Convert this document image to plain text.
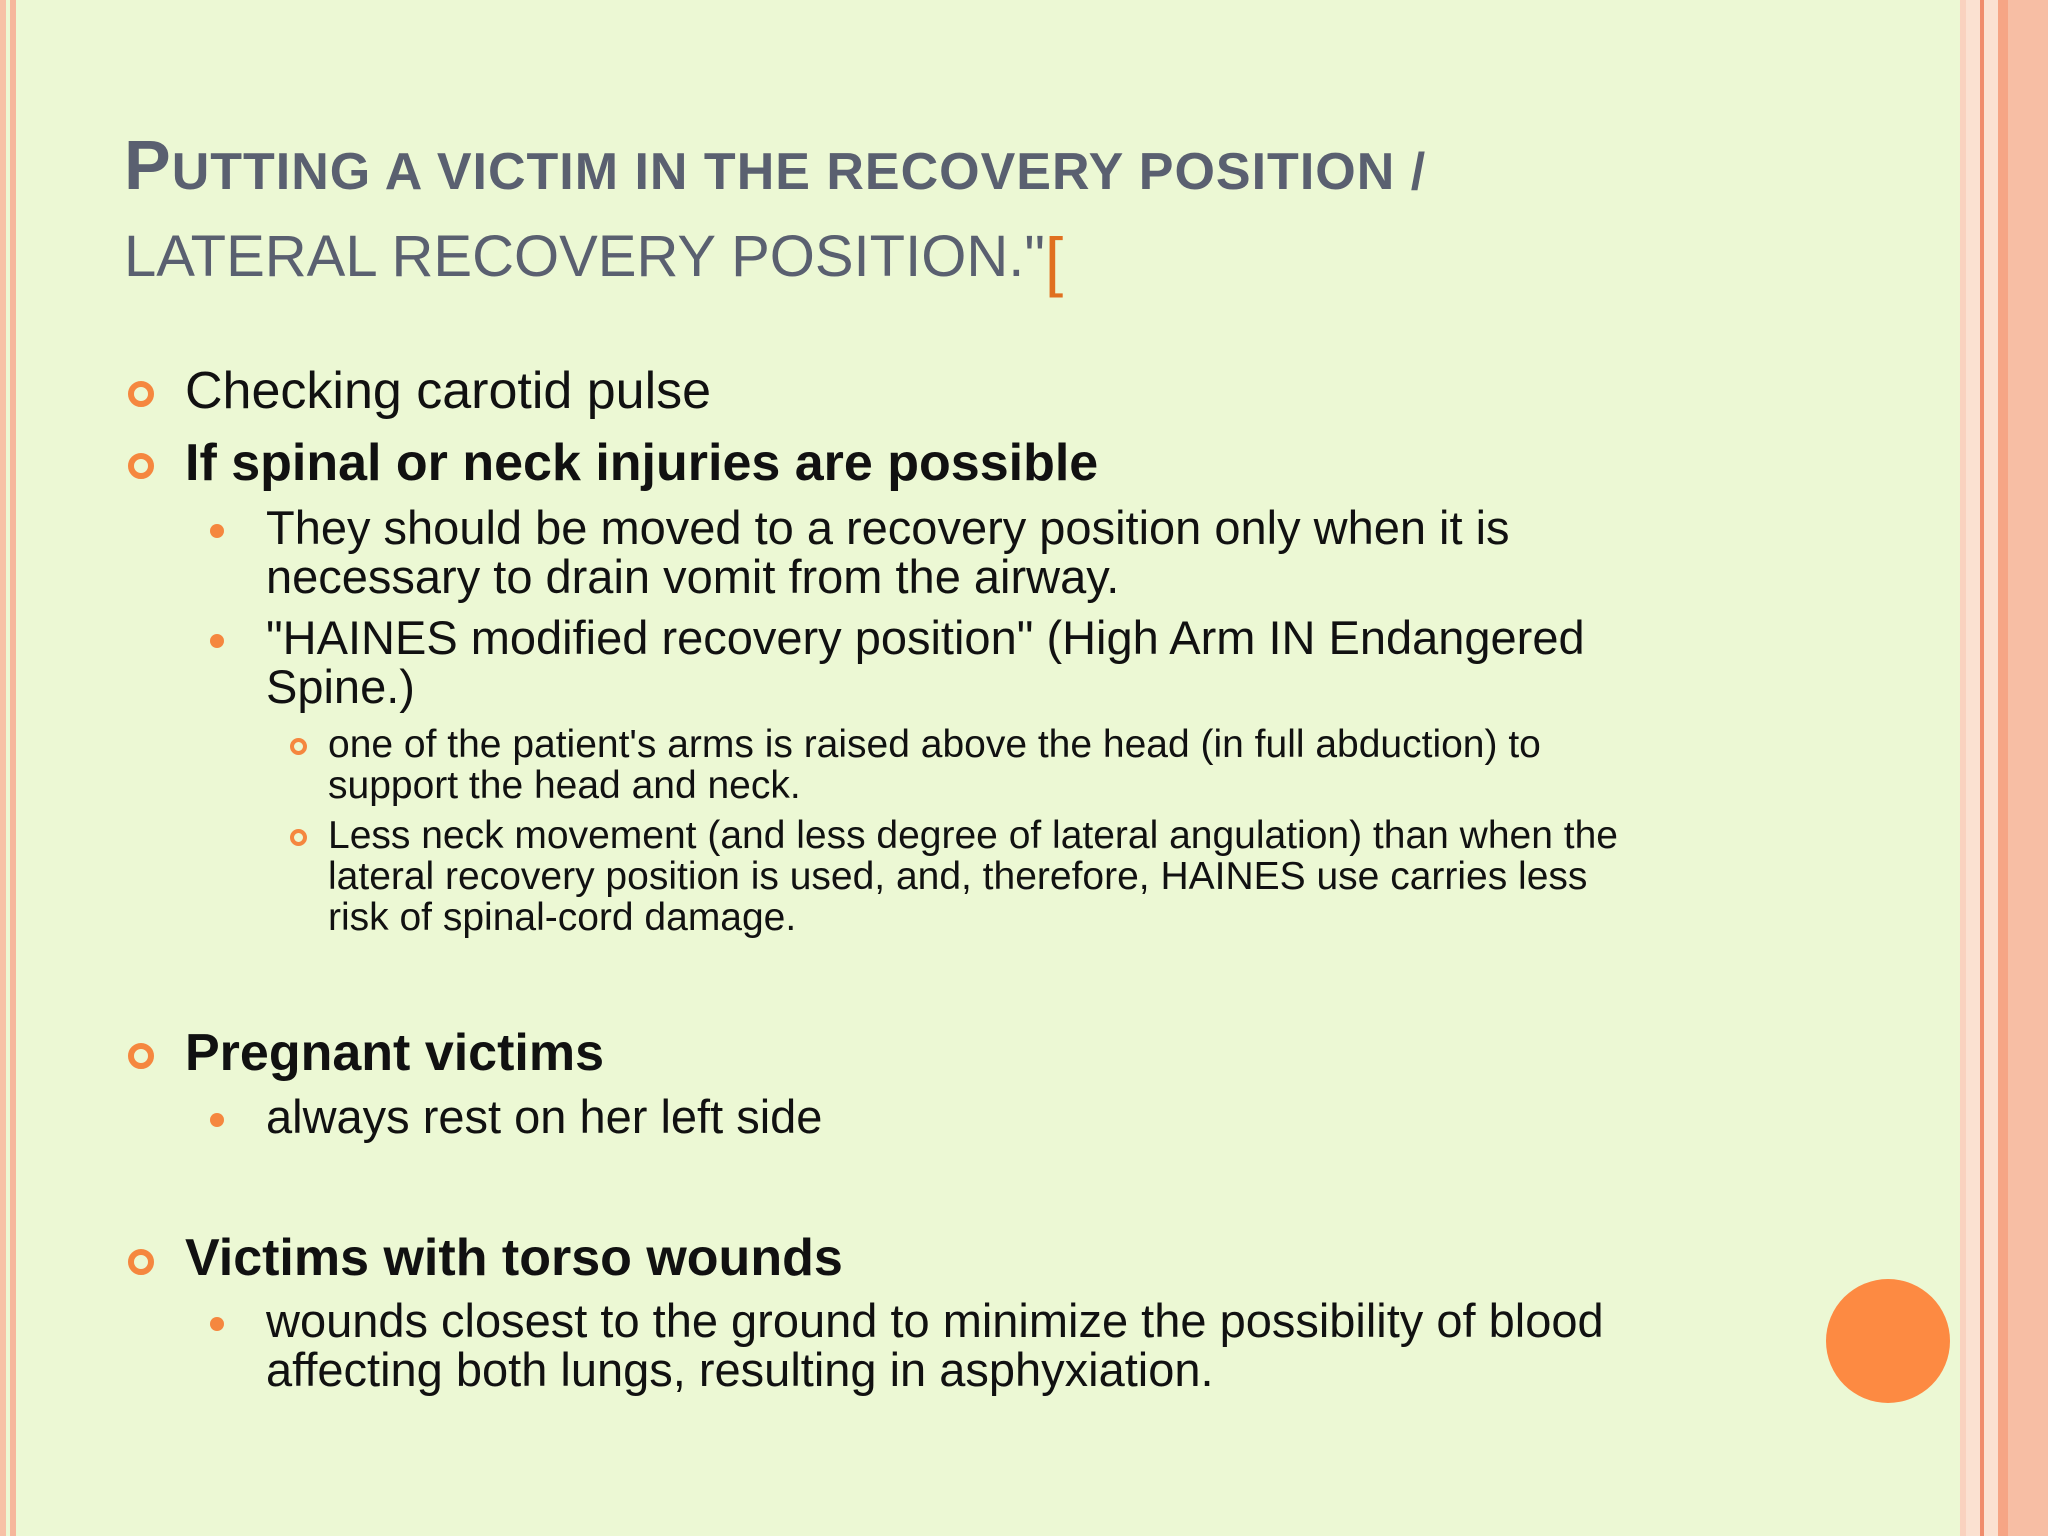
PUTTING A VICTIM IN THE RECOVERY POSITION /
LATERAL RECOVERY POSITION."[
Checking carotid pulse
If spinal or neck injuries are possible
They should be moved to a recovery position only when it is
necessary to drain vomit from the airway.
"HAINES modified recovery position" (High Arm IN Endangered
Spine.)
one of the patient's arms is raised above the head (in full abduction) to
support the head and neck.
Less neck movement (and less degree of lateral angulation) than when the
lateral recovery position is used, and, therefore, HAINES use carries less
risk of spinal-cord damage.
Pregnant victims
always rest on her left side
Victims with torso wounds
wounds closest to the ground to minimize the possibility of blood
affecting both lungs, resulting in asphyxiation.
